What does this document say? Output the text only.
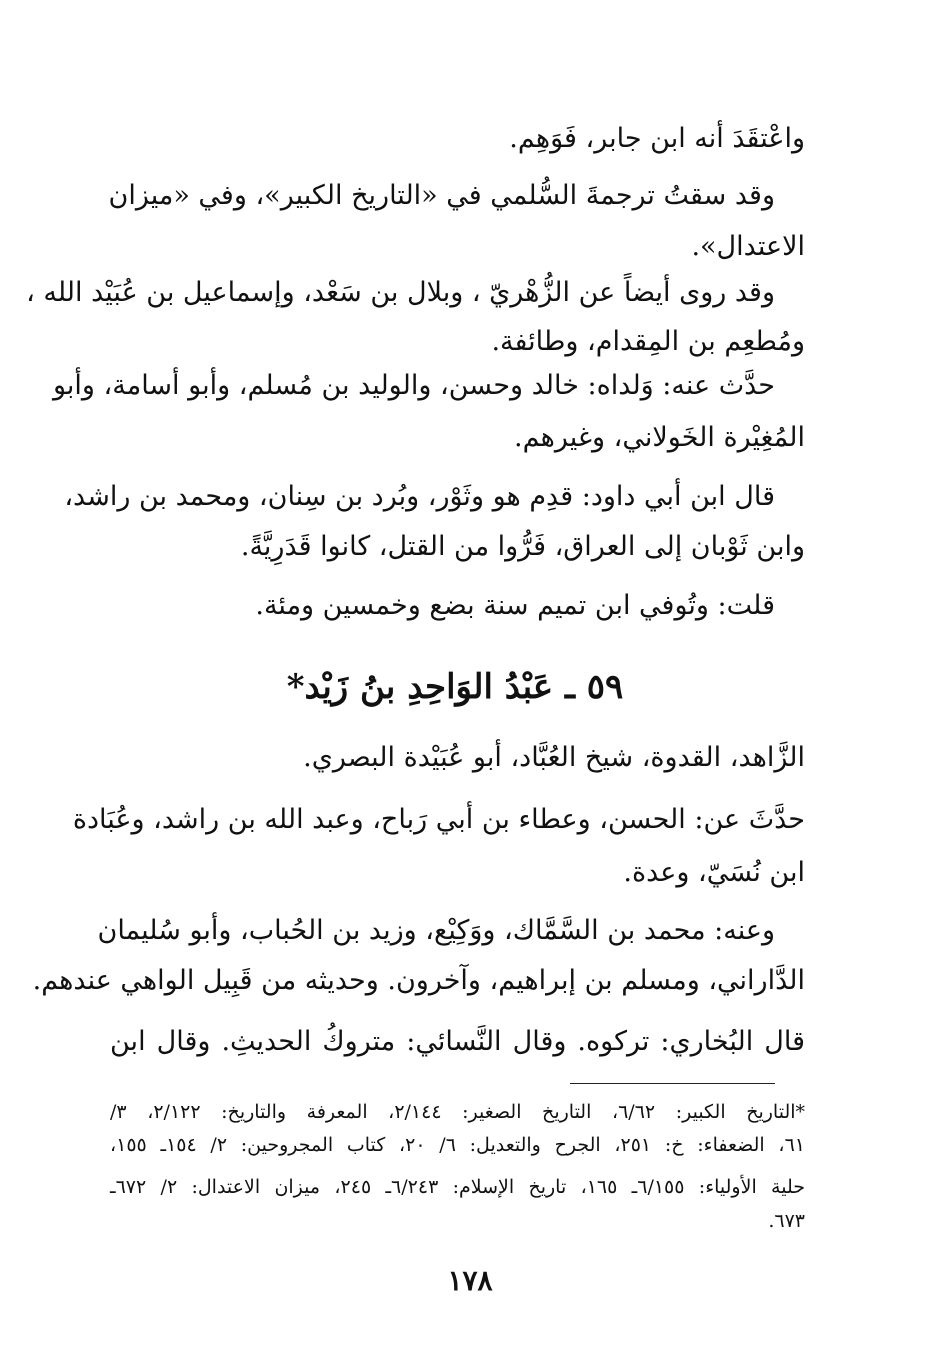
واعْتقَدَ أنه ابن جابر، فَوَهِم.
وقد سقتُ ترجمةَ السُّلمي في «التاريخ الكبير»، وفي «ميزان
الاعتدال».
وقد روى أيضاً عن الزُّهْريّ ، وبلال بن سَعْد، وإسماعيل بن عُبَيْد الله ،
ومُطعِم بن المِقدام، وطائفة.
حدَّث عنه: وَلداه: خالد وحسن، والوليد بن مُسلم، وأبو أسامة، وأبو
المُغِيْرة الخَولاني، وغيرهم.
قال ابن أبي داود: قدِم هو وثَوْر، وبُرد بن سِنان، ومحمد بن راشد،
وابن ثَوْبان إلى العراق، فَرُّوا من القتل، كانوا قَدَرِيَّةً.
قلت: وتُوفي ابن تميم سنة بضع وخمسين ومئة.
٥٩ ـ عَبْدُ الوَاحِدِ بنُ زَيْد*
الزَّاهد، القدوة، شيخ العُبَّاد، أبو عُبَيْدة البصري.
حدَّثَ عن: الحسن، وعطاء بن أبي رَباح، وعبد الله بن راشد، وعُبَادة
ابن نُسَيّ، وعدة.
وعنه: محمد بن السَّمَّاك، ووَكِيْع، وزيد بن الحُباب، وأبو سُليمان
الدَّاراني، ومسلم بن إبراهيم، وآخرون. وحديثه من قَبِيل الواهي عندهم.
قال البُخاري: تركوه. وقال النَّسائي: متروكُ الحديثِ. وقال ابن
*التاريخ الكبير: ٦/٦٢، التاريخ الصغير: ٢/١٤٤، المعرفة والتاريخ: ٢/١٢٢، ٣/
٦١، الضعفاء: خ: ٢٥١، الجرح والتعديل: ٦/ ٢٠، كتاب المجروحين: ٢/ ١٥٤ـ ١٥٥،
حلية الأولياء: ٦/١٥٥ـ ١٦٥، تاريخ الإسلام: ٦/٢٤٣ـ ٢٤٥، ميزان الاعتدال: ٢/ ٦٧٢ـ
٦٧٣.
١٧٨
